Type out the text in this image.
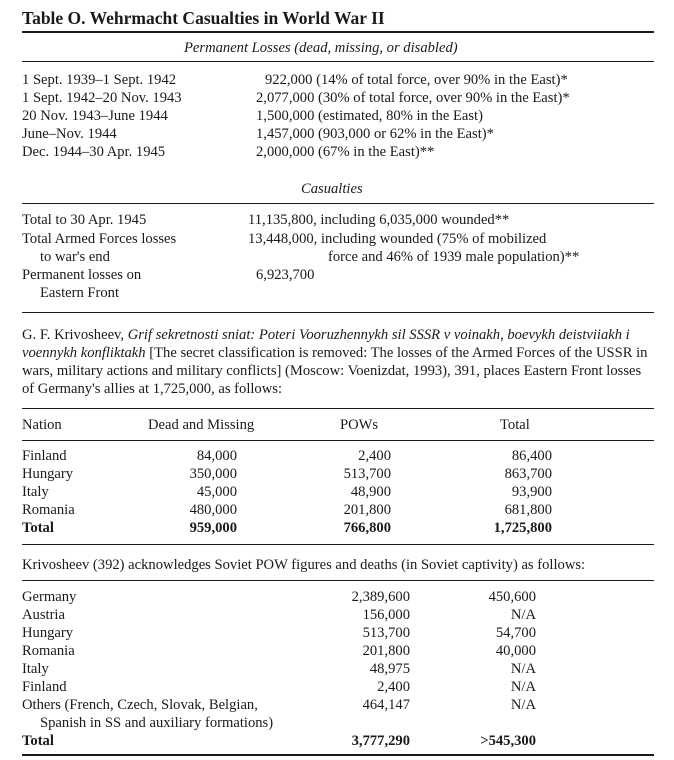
Table O. Wehrmacht Casualties in World War II
Permanent Losses (dead, missing, or disabled)
1 Sept. 1939–1 Sept. 1942	922,000 (14% of total force, over 90% in the East)*
1 Sept. 1942–20 Nov. 1943	2,077,000 (30% of total force, over 90% in the East)*
20 Nov. 1943–June 1944	1,500,000 (estimated, 80% in the East)
June–Nov. 1944	1,457,000 (903,000 or 62% in the East)*
Dec. 1944–30 Apr. 1945	2,000,000 (67% in the East)**
Casualties
Total to 30 Apr. 1945	11,135,800, including 6,035,000 wounded**
Total Armed Forces losses
to war's end
13,448,000, including wounded (75% of mobilized
force and 46% of 1939 male population)**
Permanent losses on
Eastern Front
6,923,700
G. F. Krivosheev, Grif sekretnosti sniat: Poteri Vooruzhennykh sil SSSR v voinakh, boevykh deistviiakh i voennykh konfliktakh [The secret classification is removed: The losses of the Armed Forces of the USSR in wars, military actions and military conflicts] (Moscow: Voenizdat, 1993), 391, places Eastern Front losses of Germany's allies at 1,725,000, as follows:
Nation	Dead and Missing	POWs	Total
Finland	84,000	2,400	86,400
Hungary	350,000	513,700	863,700
Italy	45,000	48,900	93,900
Romania	480,000	201,800	681,800
Total	959,000	766,800	1,725,800
Krivosheev (392) acknowledges Soviet POW figures and deaths (in Soviet captivity) as follows:
Germany	2,389,600	450,600
Austria	156,000	N/A
Hungary	513,700	54,700
Romania	201,800	40,000
Italy	48,975	N/A
Finland	2,400	N/A
Others (French, Czech, Slovak, Belgian,
Spanish in SS and auxiliary formations)
464,147	N/A
Total	3,777,290	>545,300
